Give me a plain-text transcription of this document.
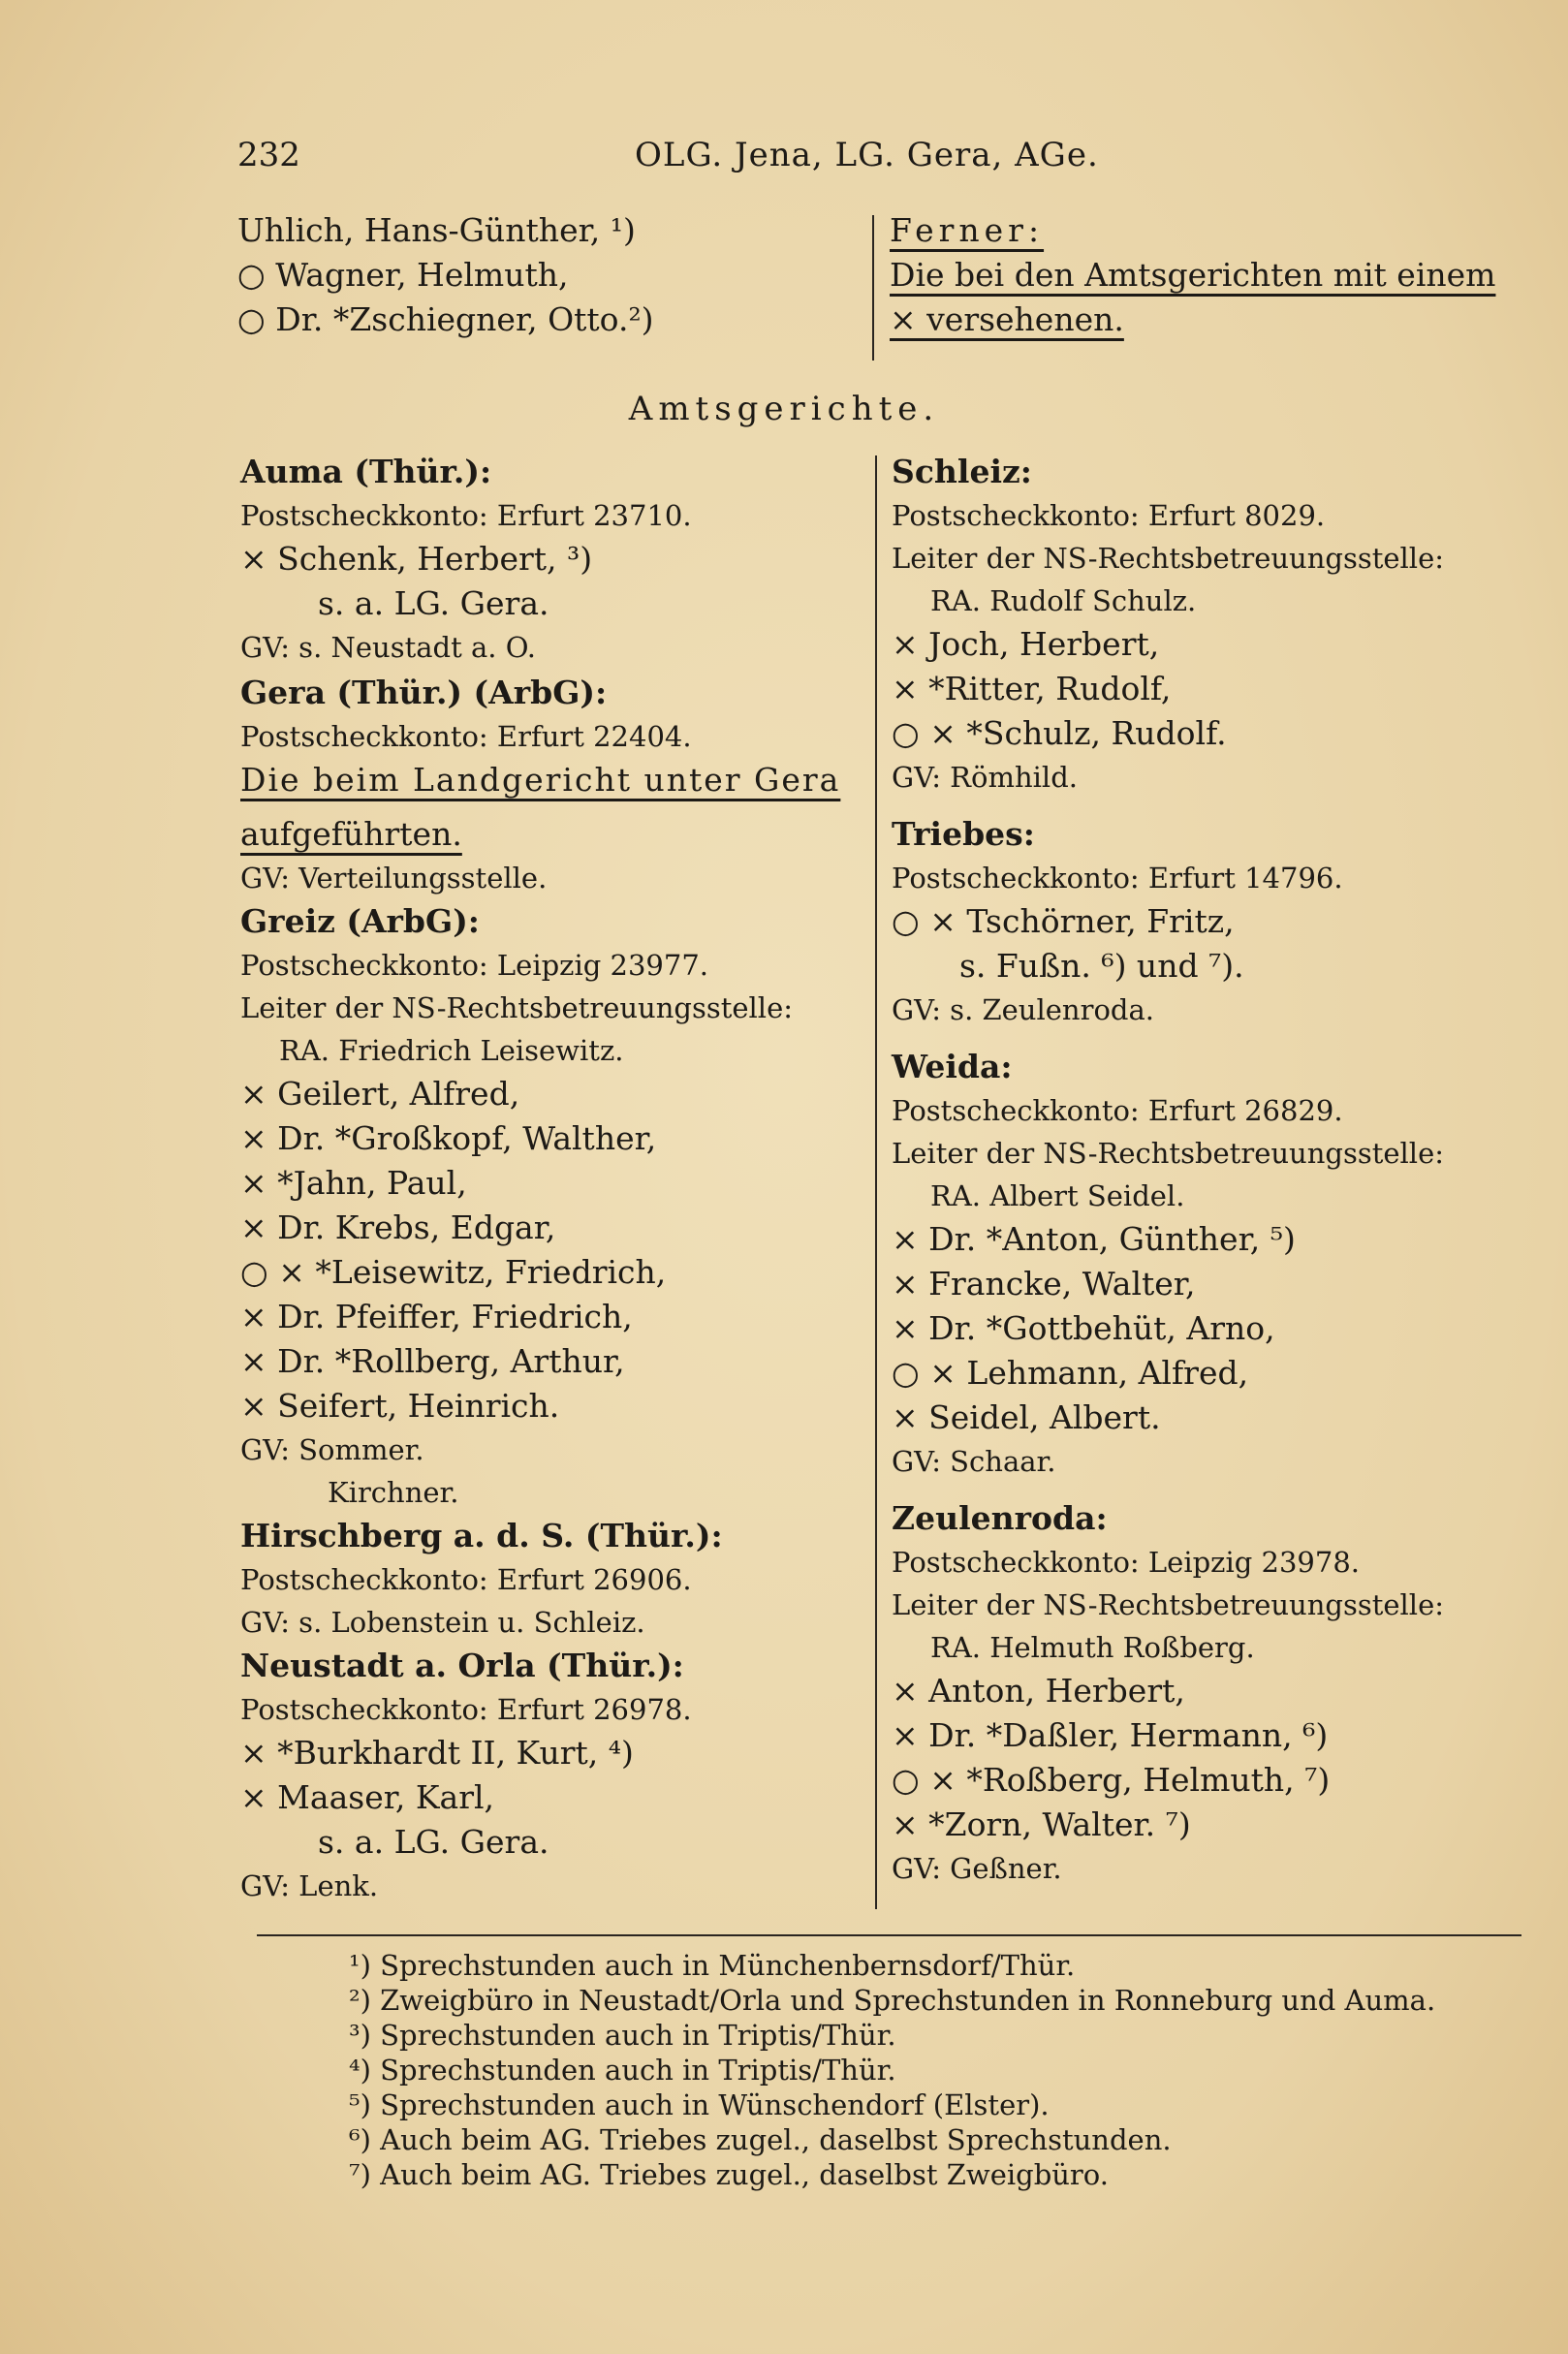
232	OLG. Jena, LG. Gera, AGe.
Uhlich, Hans-Günther, ¹)
○ Wagner, Helmuth,
○ Dr. *Zschiegner, Otto.²)
Ferner:
Die bei den Amtsgerichten mit einem
× versehenen.
Amtsgerichte.
Auma (Thür.):
Postscheckkonto: Erfurt 23710.
× Schenk, Herbert, ³)
s. a. LG. Gera.
GV: s. Neustadt a. O.
Gera (Thür.) (ArbG):
Postscheckkonto: Erfurt 22404.
Die beim Landgericht unter Gera
aufgeführten.
GV: Verteilungsstelle.
Greiz (ArbG):
Postscheckkonto: Leipzig 23977.
Leiter der NS-Rechtsbetreuungsstelle:
RA. Friedrich Leisewitz.
× Geilert, Alfred,
× Dr. *Großkopf, Walther,
× *Jahn, Paul,
× Dr. Krebs, Edgar,
○ × *Leisewitz, Friedrich,
× Dr. Pfeiffer, Friedrich,
× Dr. *Rollberg, Arthur,
× Seifert, Heinrich.
GV: Sommer.
Kirchner.
Hirschberg a. d. S. (Thür.):
Postscheckkonto: Erfurt 26906.
GV: s. Lobenstein u. Schleiz.
Neustadt a. Orla (Thür.):
Postscheckkonto: Erfurt 26978.
× *Burkhardt II, Kurt, ⁴)
× Maaser, Karl,
s. a. LG. Gera.
GV: Lenk.
Schleiz:
Postscheckkonto: Erfurt 8029.
Leiter der NS-Rechtsbetreuungsstelle:
RA. Rudolf Schulz.
× Joch, Herbert,
× *Ritter, Rudolf,
○ × *Schulz, Rudolf.
GV: Römhild.
Triebes:
Postscheckkonto: Erfurt 14796.
○ × Tschörner, Fritz,
s. Fußn. ⁶) und ⁷).
GV: s. Zeulenroda.
Weida:
Postscheckkonto: Erfurt 26829.
Leiter der NS-Rechtsbetreuungsstelle:
RA. Albert Seidel.
× Dr. *Anton, Günther, ⁵)
× Francke, Walter,
× Dr. *Gottbehüt, Arno,
○ × Lehmann, Alfred,
× Seidel, Albert.
GV: Schaar.
Zeulenroda:
Postscheckkonto: Leipzig 23978.
Leiter der NS-Rechtsbetreuungsstelle:
RA. Helmuth Roßberg.
× Anton, Herbert,
× Dr. *Daßler, Hermann, ⁶)
○ × *Roßberg, Helmuth, ⁷)
× *Zorn, Walter. ⁷)
GV: Geßner.
¹) Sprechstunden auch in Münchenbernsdorf/Thür.
²) Zweigbüro in Neustadt/Orla und Sprechstunden in Ronneburg und Auma.
³) Sprechstunden auch in Triptis/Thür.
⁴) Sprechstunden auch in Triptis/Thür.
⁵) Sprechstunden auch in Wünschendorf (Elster).
⁶) Auch beim AG. Triebes zugel., daselbst Sprechstunden.
⁷) Auch beim AG. Triebes zugel., daselbst Zweigbüro.
